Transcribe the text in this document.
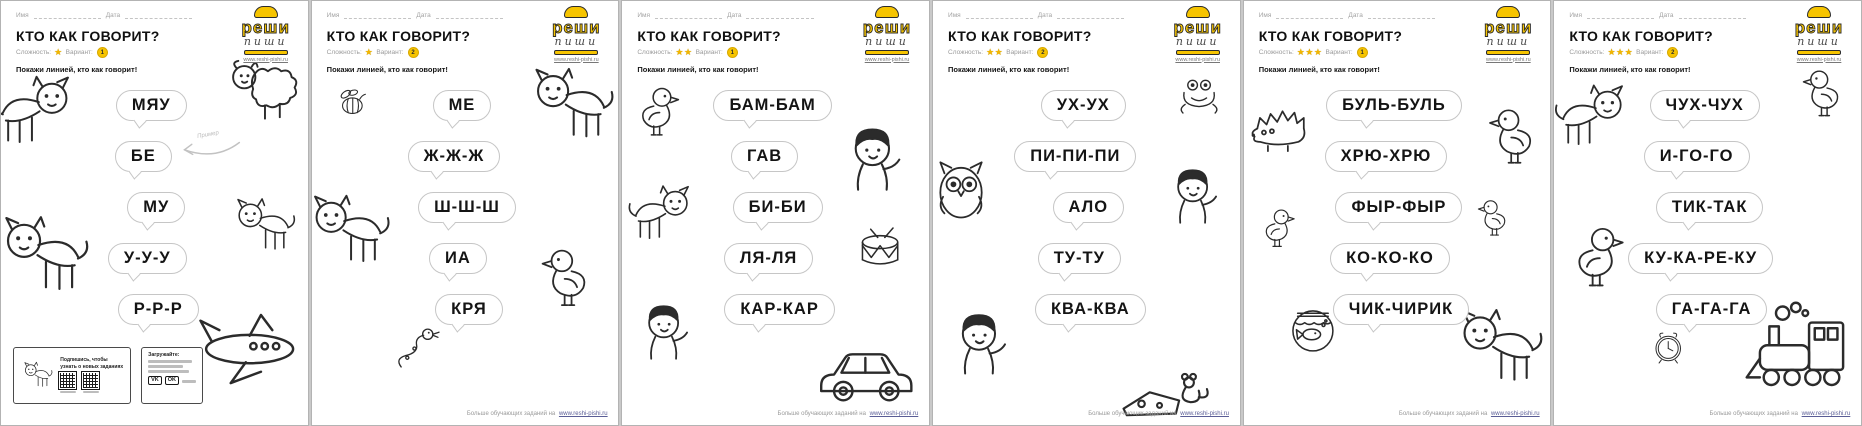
МЯУ
БЕ
МУ
У-У-У
Р-Р-Р
Имя	Дата
КТО КАК ГОВОРИТ?
Сложность: ★ Вариант:	1

Покажи линией, кто как говорит!

реши
пиши
www.reshi-pishi.ru
Пример
Подпишись, чтобы узнать о новых заданиях
Загружайте:
VK	OK
МЕ
Ж-Ж-Ж
Ш-Ш-Ш
ИА
КРЯ
Имя	Дата
КТО КАК ГОВОРИТ?
Сложность: ★ Вариант:	2

Покажи линией, кто как говорит!

реши
пиши
www.reshi-pishi.ru
Больше обучающих заданий на www.reshi-pishi.ru
БАМ-БАМ
ГАВ
БИ-БИ
ЛЯ-ЛЯ
КАР-КАР
Имя	Дата
КТО КАК ГОВОРИТ?
Сложность: ★★ Вариант:	1

Покажи линией, кто как говорит!

реши
пиши
www.reshi-pishi.ru
Больше обучающих заданий на www.reshi-pishi.ru
УХ-УХ
ПИ-ПИ-ПИ
АЛО
ТУ-ТУ
КВА-КВА
Имя	Дата
КТО КАК ГОВОРИТ?
Сложность: ★★ Вариант:	2

Покажи линией, кто как говорит!

реши
пиши
www.reshi-pishi.ru
Больше обучающих заданий на www.reshi-pishi.ru
БУЛЬ-БУЛЬ
ХРЮ-ХРЮ
ФЫР-ФЫР
КО-КО-КО
ЧИК-ЧИРИК
Имя	Дата
КТО КАК ГОВОРИТ?
Сложность: ★★★ Вариант:	1

Покажи линией, кто как говорит!

реши
пиши
www.reshi-pishi.ru
Больше обучающих заданий на www.reshi-pishi.ru
ЧУХ-ЧУХ
И-ГО-ГО
ТИК-ТАК
КУ-КА-РЕ-КУ
ГА-ГА-ГА
Имя	Дата
КТО КАК ГОВОРИТ?
Сложность: ★★★ Вариант:	2

Покажи линией, кто как говорит!

реши
пиши
www.reshi-pishi.ru
Больше обучающих заданий на www.reshi-pishi.ru
